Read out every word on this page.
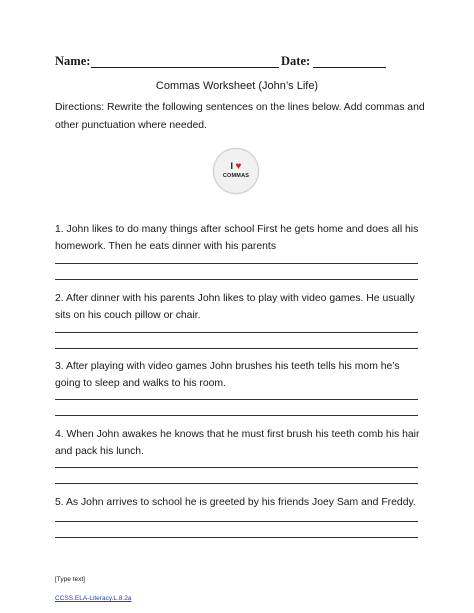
Name:	Date:
Commas Worksheet (John’s Life)
Directions: Rewrite the following sentences on the lines below. Add commas and other punctuation where needed.
I ♥
COMMAS
1. John likes to do many things after school First he gets home and does all his homework. Then he eats dinner with his parents
2. After dinner with his parents John likes to play with video games. He usually sits on his couch pillow or chair.
3. After playing with video games John brushes his teeth tells his mom he’s going to sleep and walks to his room.
4. When John awakes he knows that he must first brush his teeth comb his hair and pack his lunch.
5. As John arrives to school he is greeted by his friends Joey Sam and Freddy.
[Type text]
CCSS.ELA-Literacy.L.8.2a
